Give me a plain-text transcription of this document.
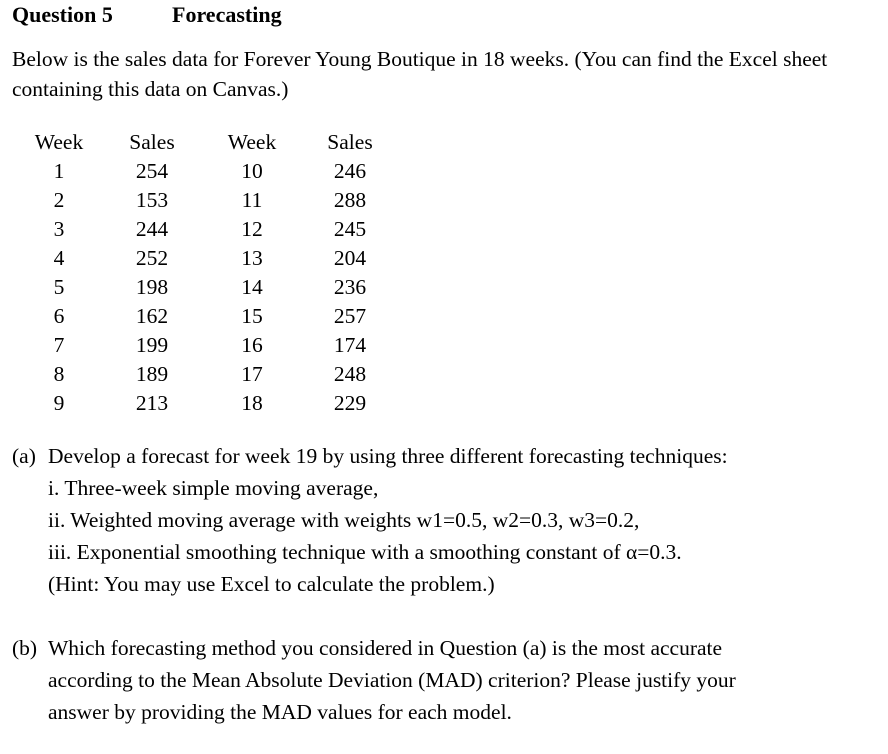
Question 5	Forecasting

Below is the sales data for Forever Young Boutique in 18 weeks. (You can find the Excel sheet containing this data on Canvas.)

Week	Sales	Week	Sales
1	254	10	246
2	153	11	288
3	244	12	245
4	252	13	204
5	198	14	236
6	162	15	257
7	199	16	174
8	189	17	248
9	213	18	229
(a) Develop a forecast for week 19 by using three different forecasting techniques:
i. Three-week simple moving average,
ii. Weighted moving average with weights w1=0.5, w2=0.3, w3=0.2,
iii. Exponential smoothing technique with a smoothing constant of α=0.3.
(Hint: You may use Excel to calculate the problem.)
(b) Which forecasting method you considered in Question (a) is the most accurate
according to the Mean Absolute Deviation (MAD) criterion? Please justify your
answer by providing the MAD values for each model.
